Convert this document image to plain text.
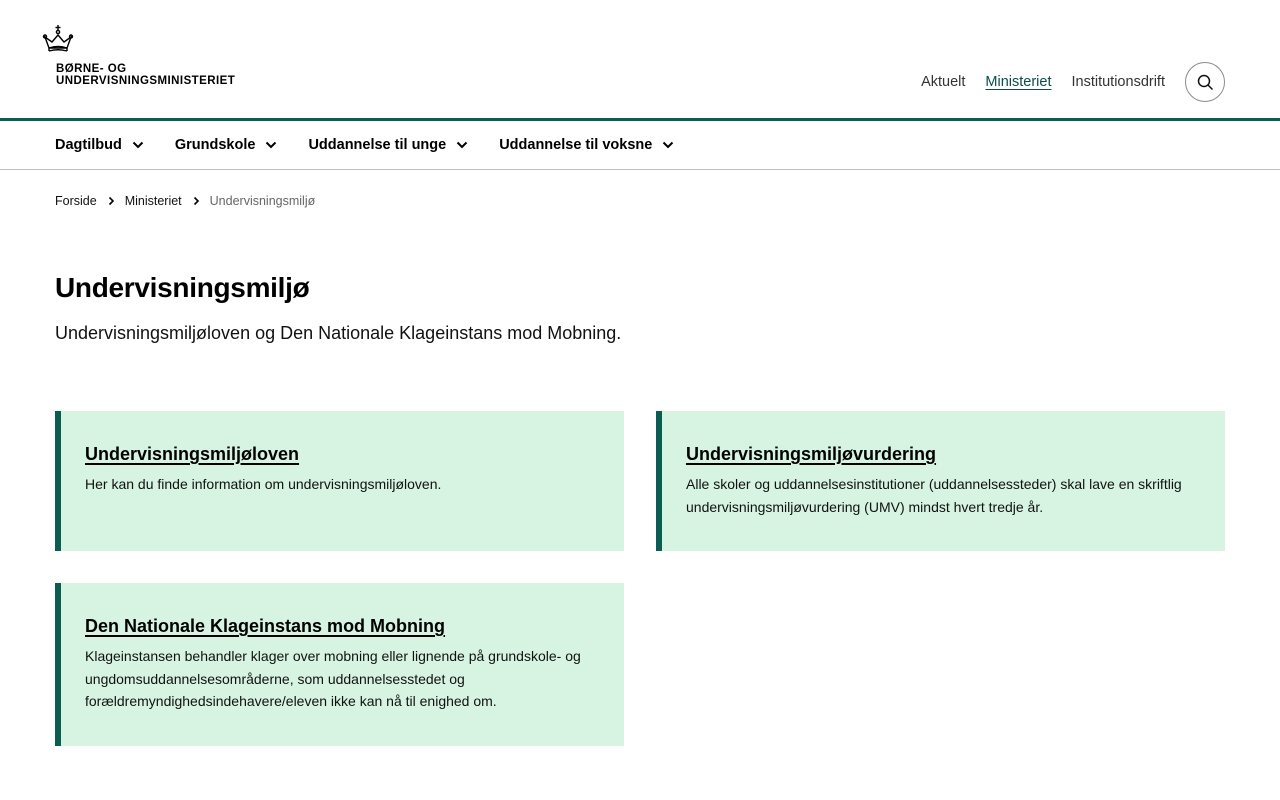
BØRNE- OG
UNDERVISNINGSMINISTERIET	Aktuelt Ministeriet Institutionsdrift
Dagtilbud	Grundskole	Uddannelse til unge	Uddannelse til voksne
Forside Ministeriet Undervisningsmiljø
Undervisningsmiljø

Undervisningsmiljøloven og Den Nationale Klageinstans mod Mobning.

Undervisningsmiljøloven

Her kan du finde information om undervisningsmiljøloven.

Undervisningsmiljøvurdering

Alle skoler og uddannelsesinstitutioner (uddannelsessteder) skal lave en skriftlig undervisningsmiljøvurdering (UMV) mindst hvert tredje år.

Den Nationale Klageinstans mod Mobning

Klageinstansen behandler klager over mobning eller lignende på grundskole- og ungdomsuddannelsesområderne, som uddannelsesstedet og forældremyndighedsindehavere/eleven ikke kan nå til enighed om.
